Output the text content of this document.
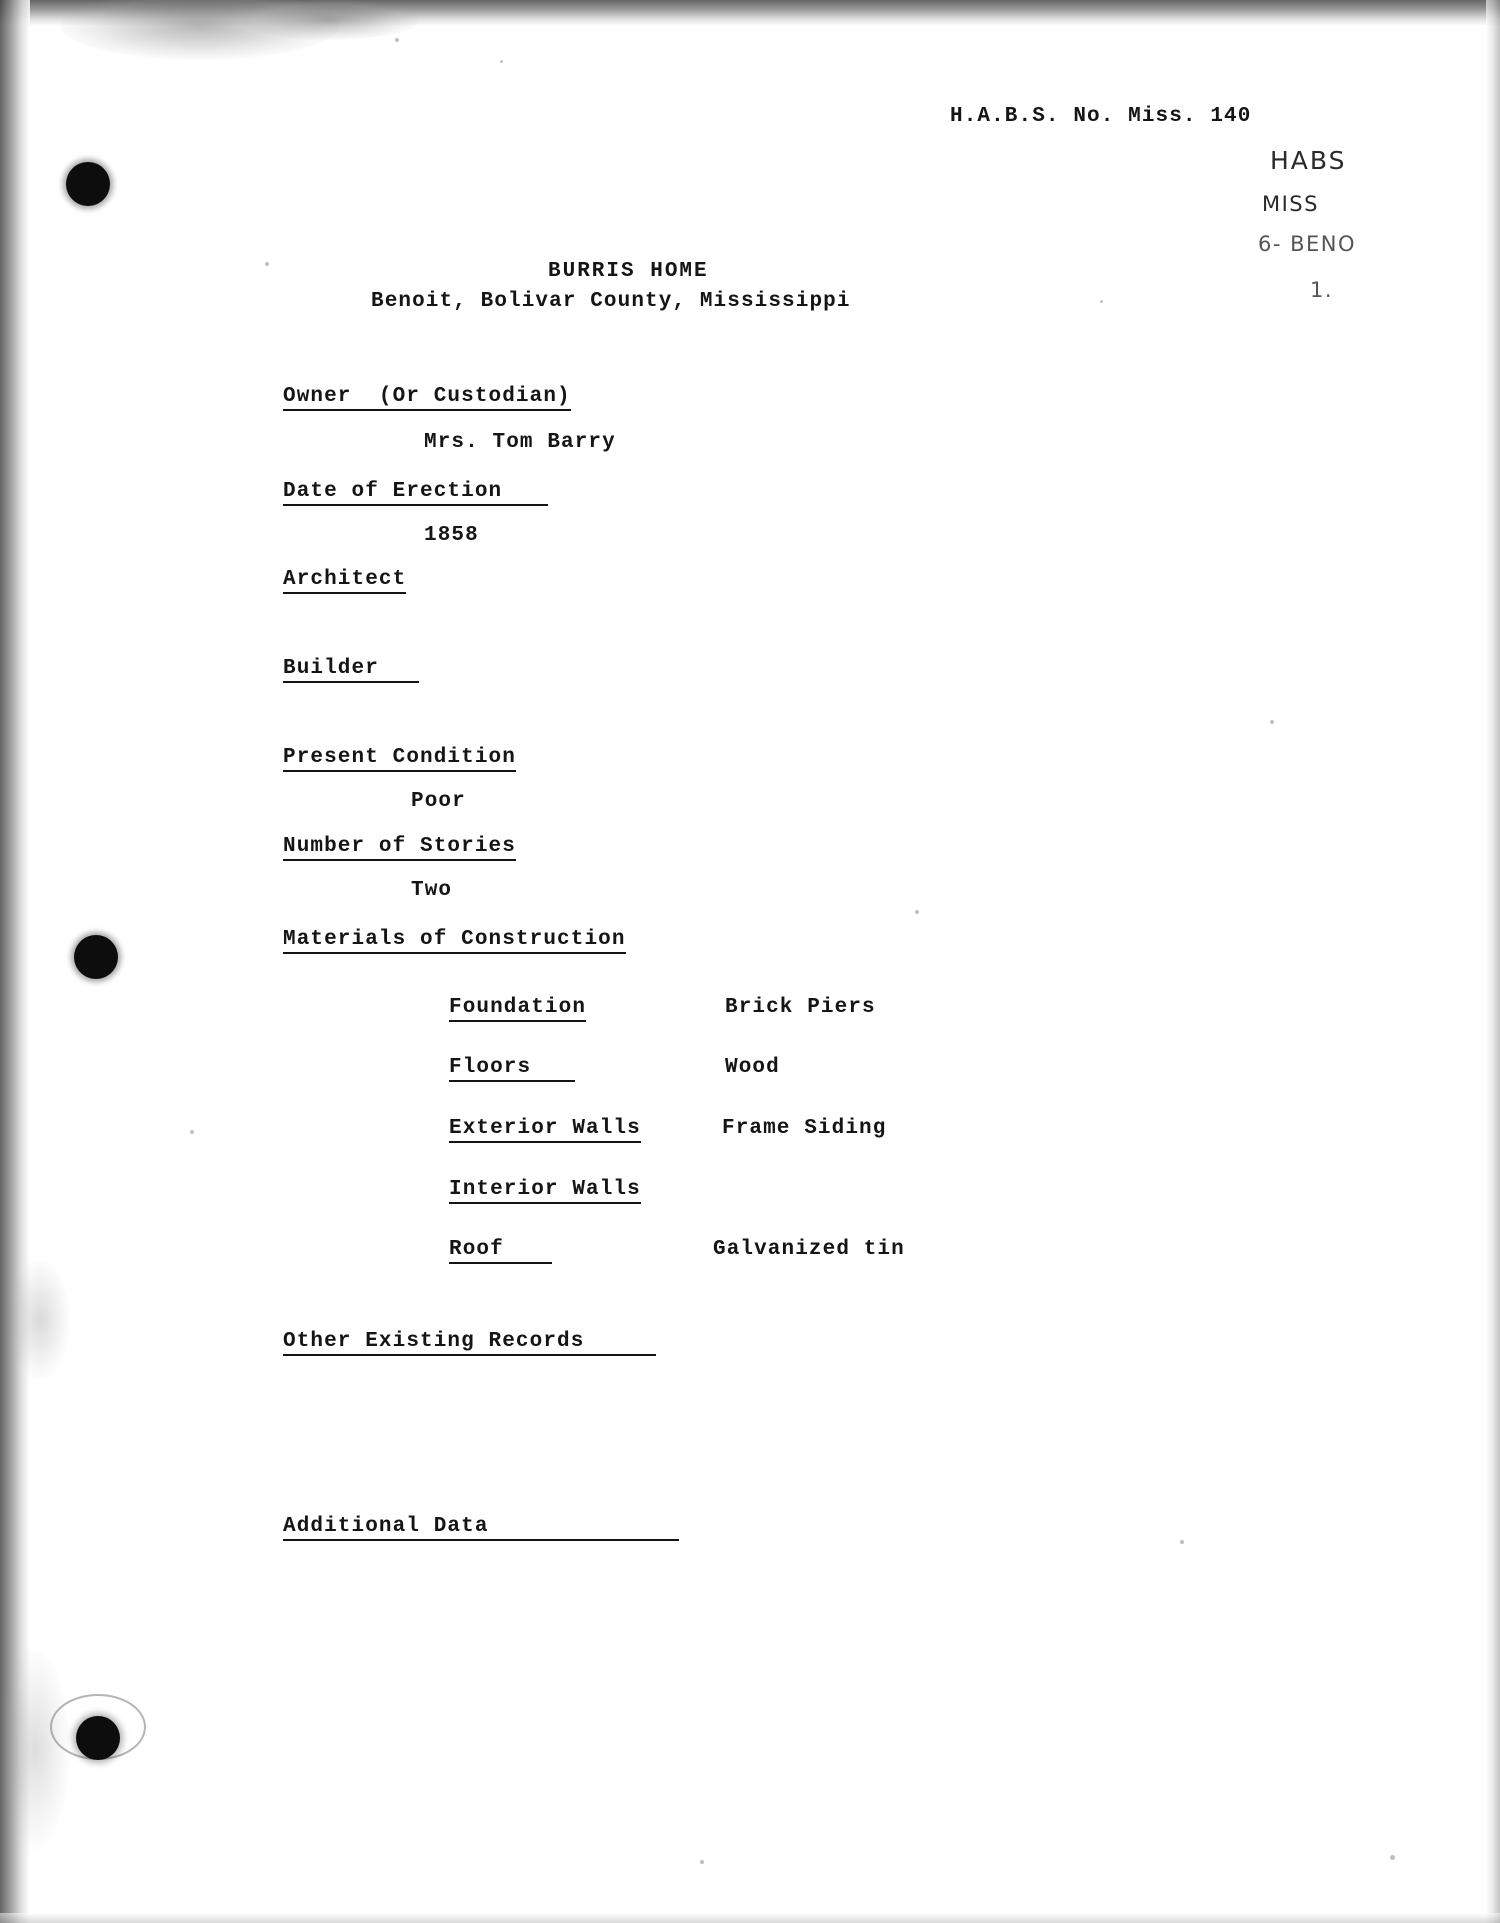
H.A.B.S. No. Miss. 140
HABS
MISS
6- BENO
1.
BURRIS HOME
Benoit, Bolivar County, Mississippi
Owner  (Or Custodian)
Mrs. Tom Barry
Date of Erection
1858
Architect
Builder
Present Condition
Poor
Number of Stories
Two
Materials of Construction
Foundation	Brick Piers
Floors	Wood
Exterior Walls	Frame Siding
Interior Walls
Roof	Galvanized tin
Other Existing Records
Additional Data
